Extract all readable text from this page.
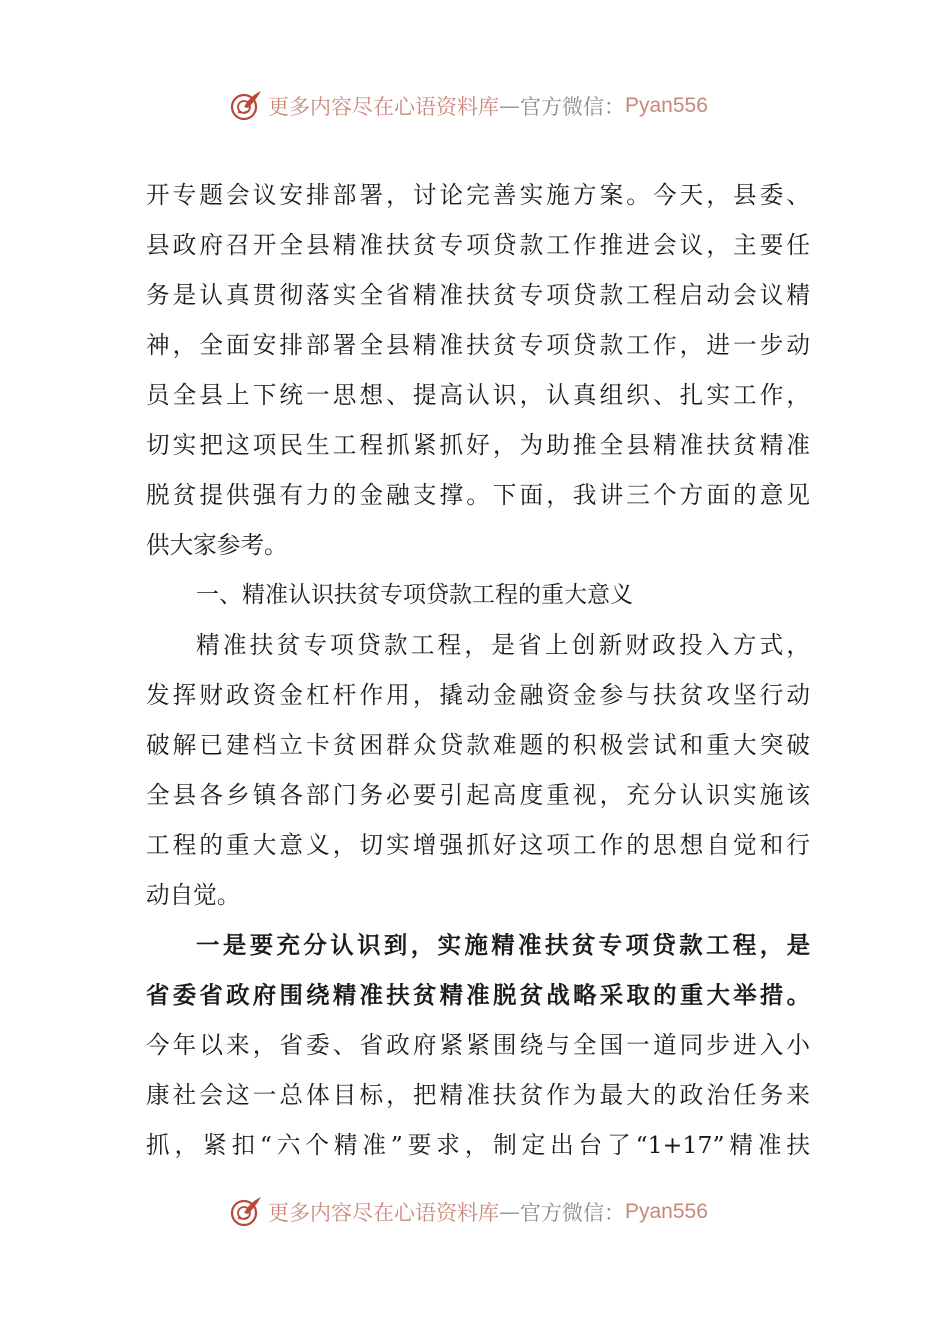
更多内容尽在心语资料库 — 官方微信： Pyan556
开专题会议安排部署，讨论完善实施方案。今天，县委、
县政府召开全县精准扶贫专项贷款工作推进会议，主要任
务是认真贯彻落实全省精准扶贫专项贷款工程启动会议精
神，全面安排部署全县精准扶贫专项贷款工作，进一步动
员全县上下统一思想、提高认识，认真组织、扎实工作，
切实把这项民生工程抓紧抓好，为助推全县精准扶贫精准
脱贫提供强有力的金融支撑。下面，我讲三个方面的意见
供大家参考。
一、精准认识扶贫专项贷款工程的重大意义
精准扶贫专项贷款工程，是省上创新财政投入方式，
发挥财政资金杠杆作用，撬动金融资金参与扶贫攻坚行动
破解已建档立卡贫困群众贷款难题的积极尝试和重大突破
全县各乡镇各部门务必要引起高度重视，充分认识实施该
工程的重大意义，切实增强抓好这项工作的思想自觉和行
动自觉。
一是要充分认识到，实施精准扶贫专项贷款工程，是
省委省政府围绕精准扶贫精准脱贫战略采取的重大举措。
今年以来，省委、省政府紧紧围绕与全国一道同步进入小
康社会这一总体目标，把精准扶贫作为最大的政治任务来
抓，紧扣“六个精准”要求，制定出台了“1+17”精准扶
更多内容尽在心语资料库 — 官方微信： Pyan556
